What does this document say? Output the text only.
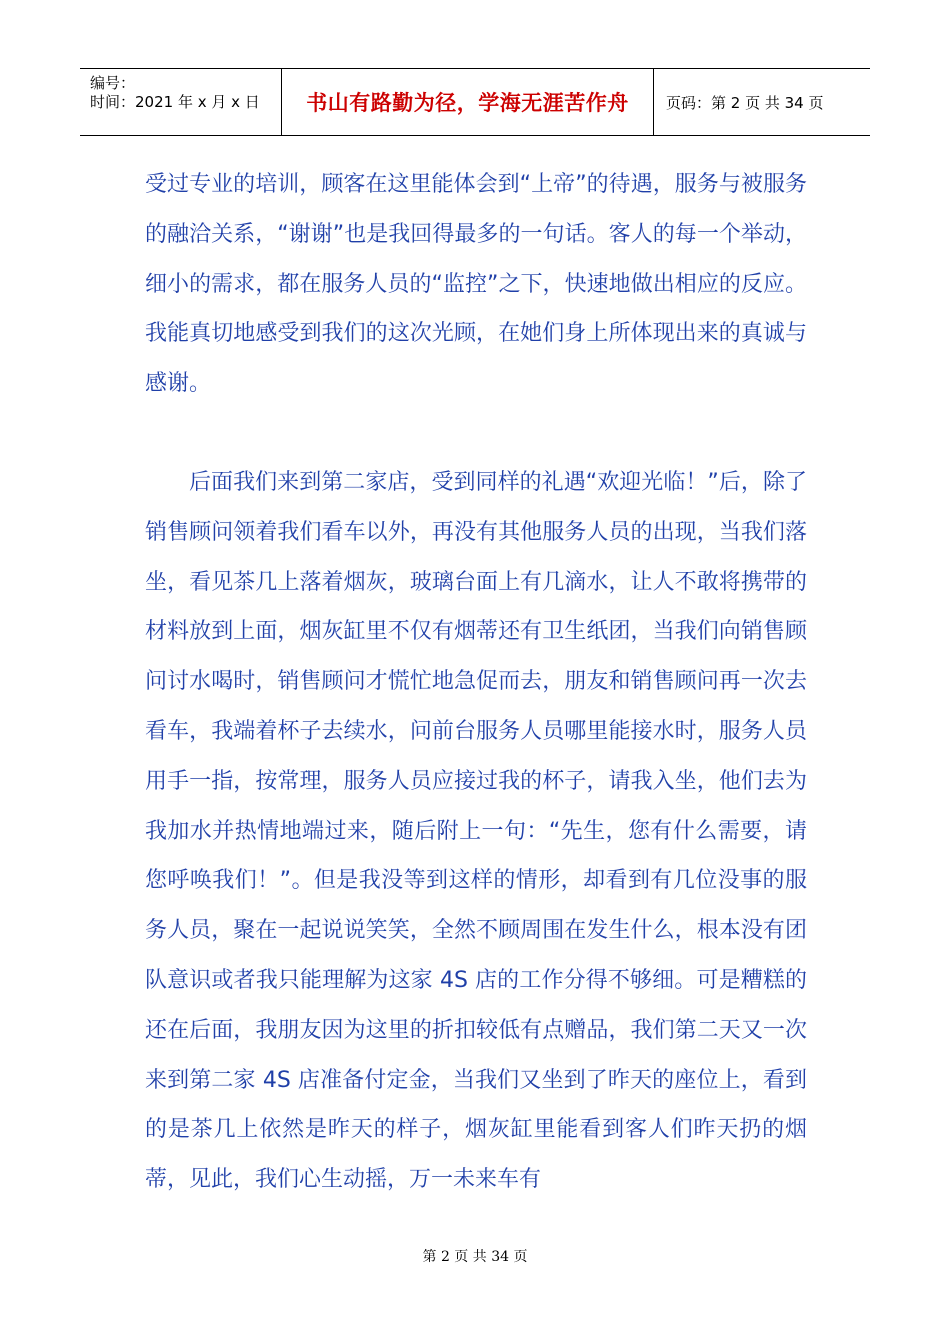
编号：
时间：2021 年 x 月 x 日 书山有路勤为径，学海无涯苦作舟 页码：第 2 页 共 34 页

受过专业的培训，顾客在这里能体会到“上帝”的待遇，服务与被服务的融洽关系，“谢谢”也是我回得最多的一句话。客人的每一个举动，细小的需求，都在服务人员的“监控”之下，快速地做出相应的反应。我能真切地感受到我们的这次光顾，在她们身上所体现出来的真诚与感谢。

后面我们来到第二家店，受到同样的礼遇“欢迎光临！”后，除了销售顾问领着我们看车以外，再没有其他服务人员的出现，当我们落坐，看见茶几上落着烟灰，玻璃台面上有几滴水，让人不敢将携带的材料放到上面，烟灰缸里不仅有烟蒂还有卫生纸团，当我们向销售顾问讨水喝时，销售顾问才慌忙地急促而去，朋友和销售顾问再一次去看车，我端着杯子去续水，问前台服务人员哪里能接水时，服务人员用手一指，按常理，服务人员应接过我的杯子，请我入坐，他们去为我加水并热情地端过来，随后附上一句：“先生，您有什么需要，请您呼唤我们！”。但是我没等到这样的情形，却看到有几位没事的服务人员，聚在一起说说笑笑，全然不顾周围在发生什么，根本没有团队意识或者我只能理解为这家 4S 店的工作分得不够细。可是糟糕的还在后面，我朋友因为这里的折扣较低有点赠品，我们第二天又一次来到第二家 4S 店准备付定金，当我们又坐到了昨天的座位上，看到的是茶几上依然是昨天的样子，烟灰缸里能看到客人们昨天扔的烟蒂，见此，我们心生动摇，万一未来车有

第 2 页 共 34 页
